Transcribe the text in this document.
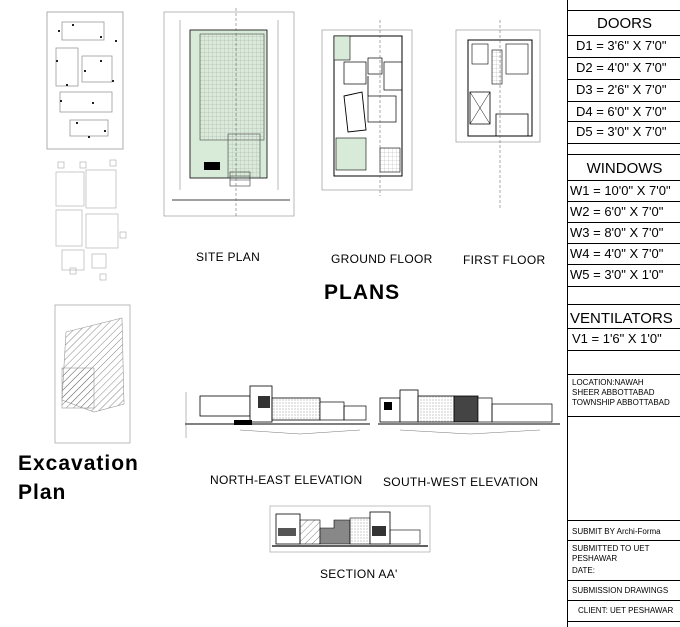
SITE PLAN	GROUND FLOOR	FIRST FLOOR
PLANS
Excavation
Plan
NORTH-EAST ELEVATION SOUTH-WEST ELEVATION
SECTION AA'
DOORS
D1 = 3'6" X 7'0"
D2 = 4'0" X 7'0"
D3 = 2'6" X 7'0"
D4 = 6'0" X 7'0"
D5 = 3'0" X 7'0"
WINDOWS
W1 = 10'0" X 7'0"
W2 = 6'0" X 7'0"
W3 = 8'0" X 7'0"
W4 = 4'0" X 7'0"
W5 = 3'0" X 1'0"
VENTILATORS
V1 = 1'6" X 1'0"
LOCATION:NAWAH
SHEER ABBOTTABAD
TOWNSHIP ABBOTTABAD
SUBMIT BY Archi-Forma
SUBMITTED TO UET
PESHAWAR
DATE:
SUBMISSION DRAWINGS
CLIENT: UET PESHAWAR
